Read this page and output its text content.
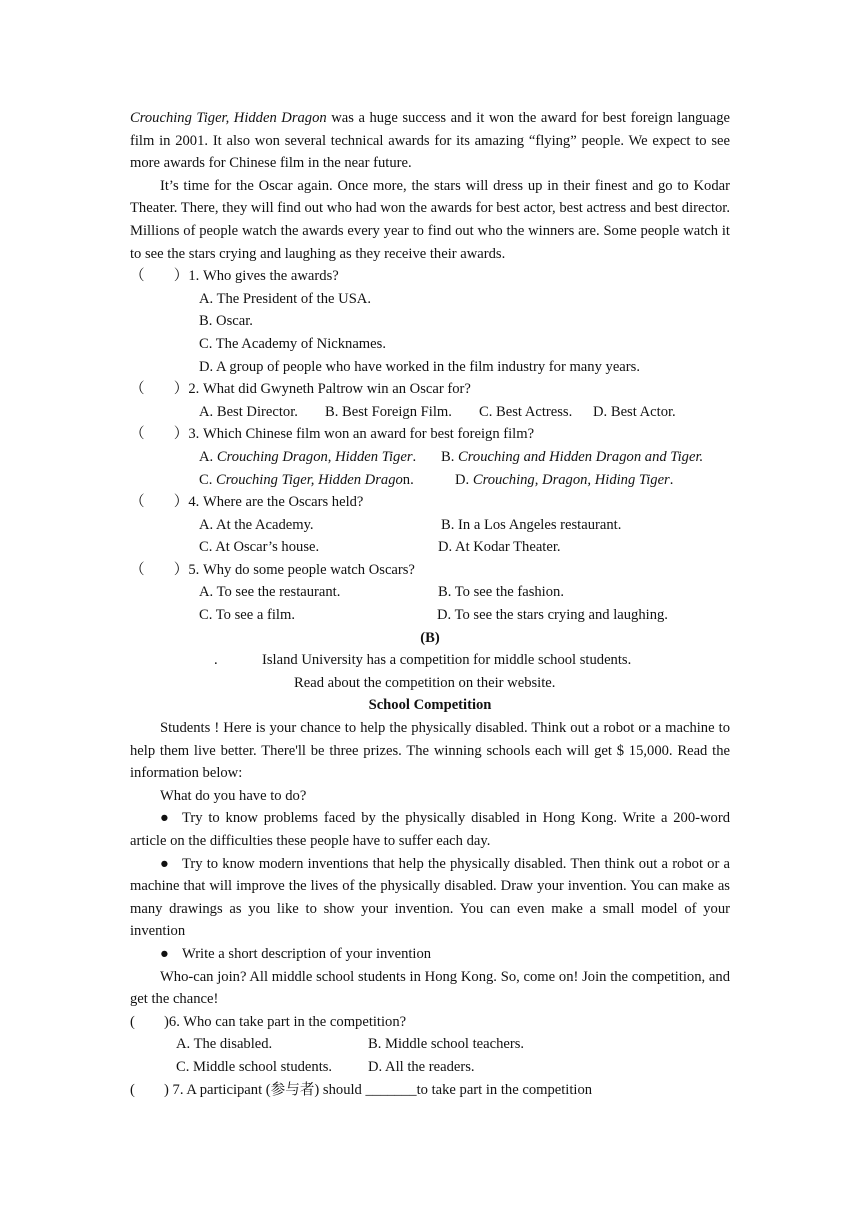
Crouching Tiger, Hidden Dragon was a huge success and it won the award for best foreign language film in 2001. It also won several technical awards for its amazing “flying” people. We expect to see more awards for Chinese film in the near future.

It’s time for the Oscar again. Once more, the stars will dress up in their finest and go to Kodar Theater. There, they will find out who had won the awards for best actor, best actress and best director. Millions of people watch the awards every year to find out who the winners are. Some people watch it to see the stars crying and laughing as they receive their awards.

（　　）1. Who gives the awards?

A. The President of the USA.

B. Oscar.

C. The Academy of Nicknames.

D. A group of people who have worked in the film industry for many years.

（　　）2. What did Gwyneth Paltrow win an Oscar for?

A. Best Director.	B. Best Foreign Film.	C. Best Actress.	D. Best Actor.

（　　）3. Which Chinese film won an award for best foreign film?

A. Crouching Dragon, Hidden Tiger.	B. Crouching and Hidden Dragon and Tiger.
C. Crouching Tiger, Hidden Dragon.	D. Crouching, Dragon, Hiding Tiger.

（　　）4. Where are the Oscars held?

A. At the Academy.	B. In a Los Angeles restaurant.
C. At Oscar’s house.	D. At Kodar Theater.

（　　）5. Why do some people watch Oscars?

A. To see the restaurant.	B. To see the fashion.
C. To see a film.	D. To see the stars crying and laughing.

(B)

.	Island University has a competition for middle school students.

Read about the competition on their website.

School Competition

Students ! Here is your chance to help the physically disabled. Think out a robot or a machine to help them live better. There'll be three prizes. The winning schools each will get $ 15,000. Read the information below:

What do you have to do?

● Try to know problems faced by the physically disabled in Hong Kong. Write a 200-word article on the difficulties these people have to suffer each day.

● Try to know modern inventions that help the physically disabled. Then think out a robot or a machine that will improve the lives of the physically disabled. Draw your invention. You can make as many drawings as you like to show your invention. You can even make a small model of your invention

● Write a short description of your invention

Who-can join? All middle school students in Hong Kong. So, come on! Join the competition, and get the chance!

(　　)6. Who can take part in the competition?

A. The disabled.	B. Middle school teachers.
C. Middle school students.	D. All the readers.

(　　) 7. A participant (参与者) should _______to take part in the competition
